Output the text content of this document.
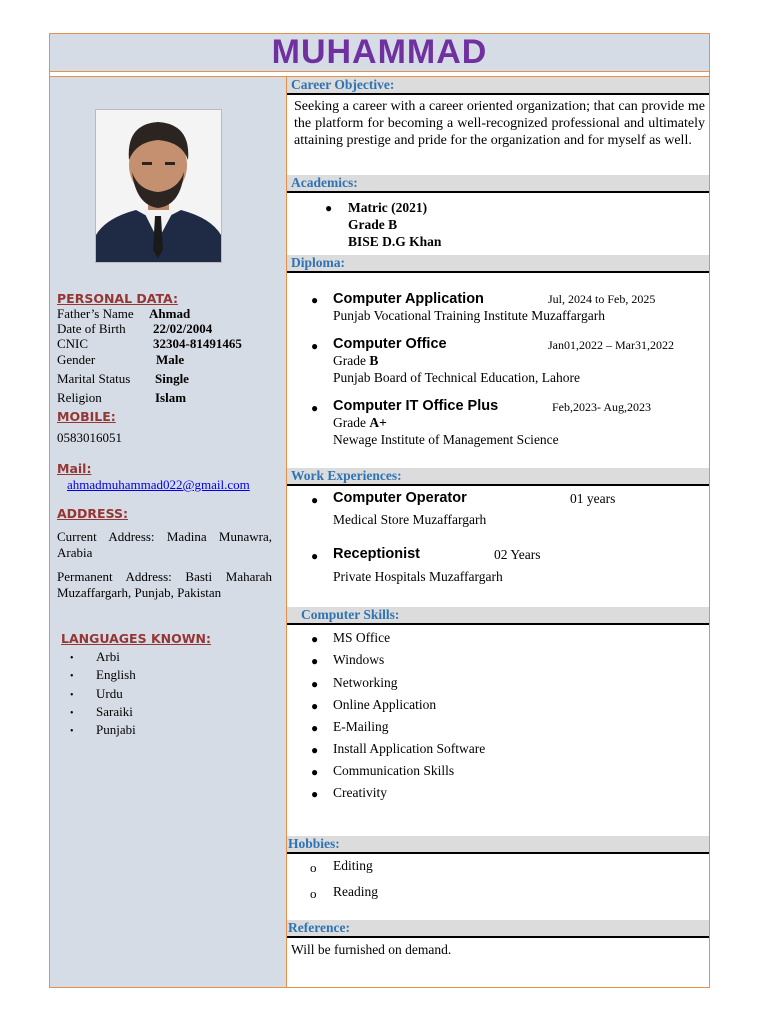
MUHAMMAD
PERSONAL DATA:
Father’s Name Ahmad
Date of Birth 22/02/2004
CNIC	32304-81491465
Gender	Male
Marital Status Single
Religion	Islam
MOBILE:
0583016051
Mail:
ahmadmuhammad022@gmail.com
ADDRESS:
Current Address: Madina Munawra, Arabia
Permanent Address: Basti Maharah Muzaffargarh, Punjab, Pakistan
LANGUAGES KNOWN:
• Arbi
• English
• Urdu
• Saraiki
• Punjabi
Career Objective:
Seeking a career with a career oriented organization; that can provide me the platform for becoming a well-recognized professional and ultimately attaining prestige and pride for the organization and for myself as well.
Academics:
● Matric (2021)
Grade B
BISE D.G Khan
Diploma:
● Computer Application	Jul, 2024 to Feb, 2025
Punjab Vocational Training Institute Muzaffargarh
● Computer Office	Jan01,2022 – Mar31,2022
Grade B
Punjab Board of Technical Education, Lahore
● Computer IT Office Plus	Feb,2023- Aug,2023
Grade A+
Newage Institute of Management Science
Work Experiences:
● Computer Operator	01 years
Medical Store Muzaffargarh
● Receptionist	02 Years
Private Hospitals Muzaffargarh
Computer Skills:
● MS Office
● Windows
● Networking
● Online Application
● E-Mailing
● Install Application Software
● Communication Skills
● Creativity
Hobbies:
o Editing
o Reading
Reference:
Will be furnished on demand.
